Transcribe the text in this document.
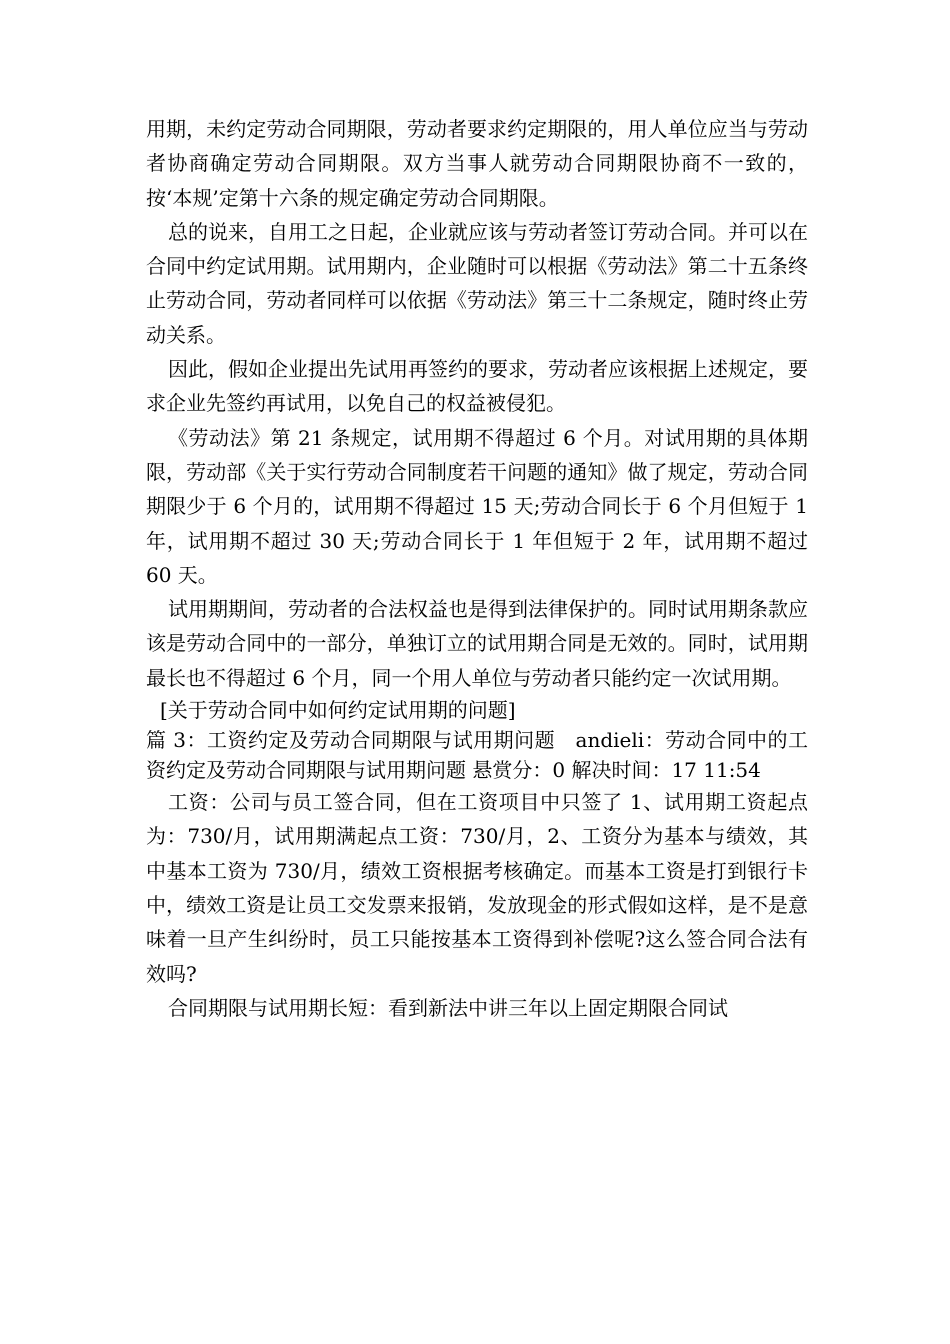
用期，未约定劳动合同期限，劳动者要求约定期限的，用人单位应当与劳动者协商确定劳动合同期限。双方当事人就劳动合同期限协商不一致的，按‘本规’定第十六条的规定确定劳动合同期限。

总的说来，自用工之日起，企业就应该与劳动者签订劳动合同。并可以在合同中约定试用期。试用期内，企业随时可以根据《劳动法》第二十五条终止劳动合同，劳动者同样可以依据《劳动法》第三十二条规定，随时终止劳动关系。

因此，假如企业提出先试用再签约的要求，劳动者应该根据上述规定，要求企业先签约再试用，以免自己的权益被侵犯。

《劳动法》第 21 条规定，试用期不得超过 6 个月。对试用期的具体期限，劳动部《关于实行劳动合同制度若干问题的通知》做了规定，劳动合同期限少于 6 个月的，试用期不得超过 15 天;劳动合同长于 6 个月但短于 1 年，试用期不超过 30 天;劳动合同长于 1 年但短于 2 年，试用期不超过 60 天。

试用期期间，劳动者的合法权益也是得到法律保护的。同时试用期条款应该是劳动合同中的一部分，单独订立的试用期合同是无效的。同时，试用期最长也不得超过 6 个月，同一个用人单位与劳动者只能约定一次试用期。

[关于劳动合同中如何约定试用期的问题]

篇 3：工资约定及劳动合同期限与试用期问题　andieli：劳动合同中的工资约定及劳动合同期限与试用期问题 悬赏分：0 解决时间：17 11:54

工资：公司与员工签合同，但在工资项目中只签了 1、试用期工资起点为：730/月，试用期满起点工资：730/月，2、工资分为基本与绩效，其中基本工资为 730/月，绩效工资根据考核确定。而基本工资是打到银行卡中，绩效工资是让员工交发票来报销，发放现金的形式假如这样，是不是意味着一旦产生纠纷时，员工只能按基本工资得到补偿呢?这么签合同合法有效吗?

合同期限与试用期长短：看到新法中讲三年以上固定期限合同试
